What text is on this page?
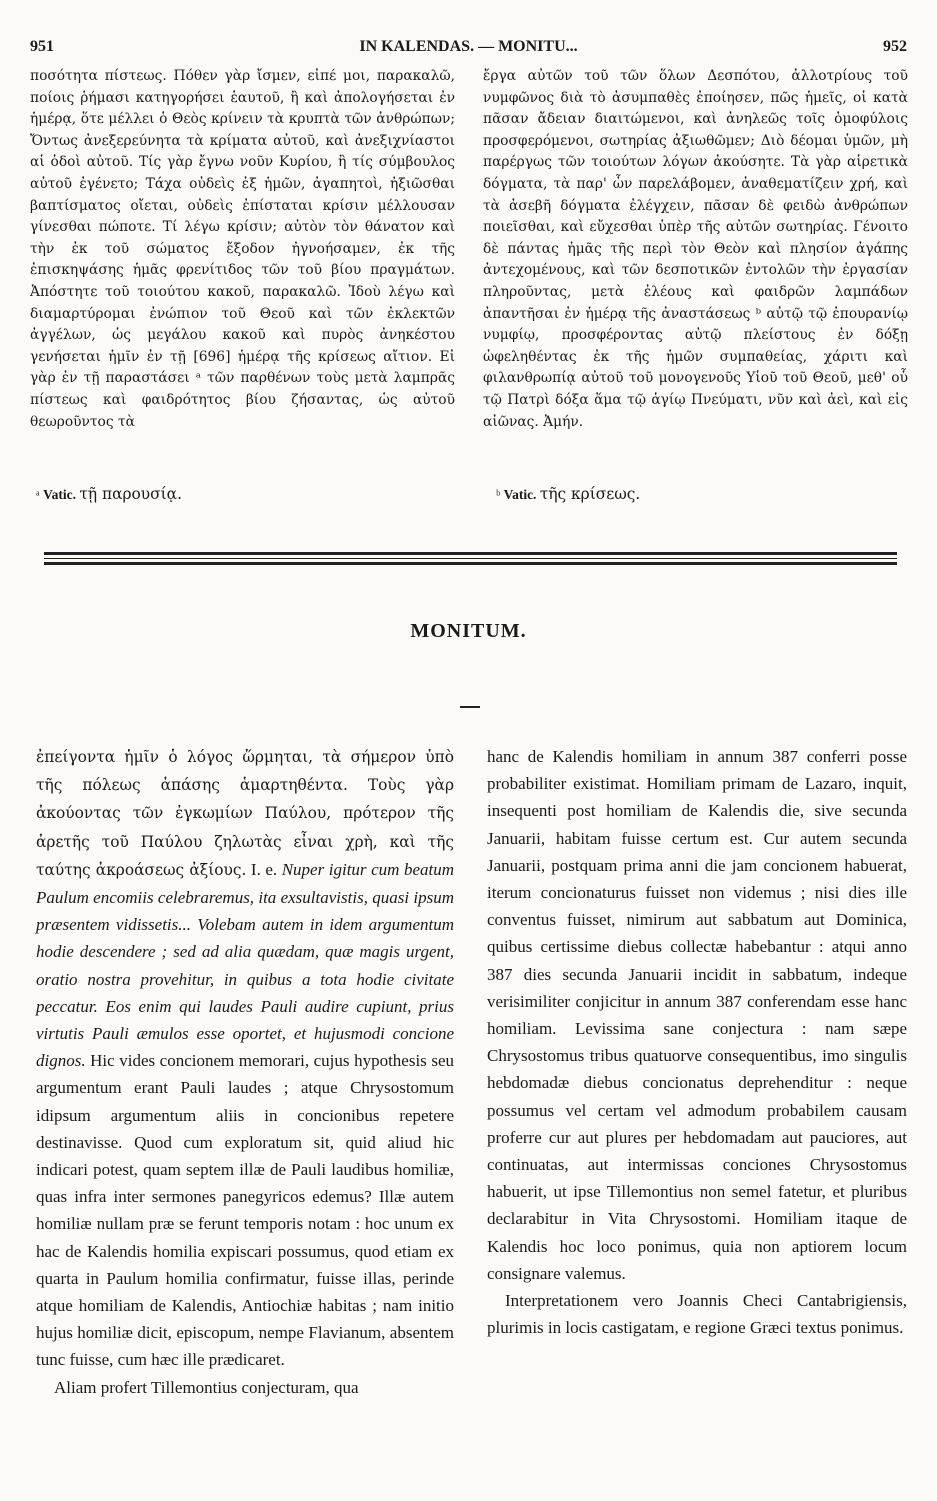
951	IN KALENDAS. — MONITU...	952

ποσότητα πίστεως. Πόθεν γὰρ ἴσμεν, εἰπέ μοι, παρακαλῶ, ποίοις ῥήμασι κατηγορήσει ἑαυτοῦ, ἢ καὶ ἀπολογήσεται ἐν ἡμέρᾳ, ὅτε μέλλει ὁ Θεὸς κρίνειν τὰ κρυπτὰ τῶν ἀνθρώπων; Ὄντως ἀνεξερεύνητα τὰ κρίματα αὐτοῦ, καὶ ἀνεξιχνίαστοι αἱ ὁδοὶ αὐτοῦ. Τίς γὰρ ἔγνω νοῦν Κυρίου, ἢ τίς σύμβουλος αὐτοῦ ἐγένετο; Τάχα οὐδεὶς ἐξ ἡμῶν, ἀγαπητοὶ, ἠξιῶσθαι βαπτίσματος οἴεται, οὐδεὶς ἐπίσταται κρίσιν μέλλουσαν γίνεσθαι πώποτε. Τί λέγω κρίσιν; αὐτὸν τὸν θάνατον καὶ τὴν ἐκ τοῦ σώματος ἔξοδον ἠγνοήσαμεν, ἐκ τῆς ἐπισκηψάσης ἡμᾶς φρενίτιδος τῶν τοῦ βίου πραγμάτων. Ἀπόστητε τοῦ τοιούτου κακοῦ, παρακαλῶ. Ἰδοὺ λέγω καὶ διαμαρτύρομαι ἐνώπιον τοῦ Θεοῦ καὶ τῶν ἐκλεκτῶν ἀγγέλων, ὡς μεγάλου κακοῦ καὶ πυρὸς ἀνηκέστου γενήσεται ἡμῖν ἐν τῇ [696] ἡμέρᾳ τῆς κρίσεως αἴτιον. Εἰ γὰρ ἐν τῇ παραστάσει ᵃ τῶν παρθένων τοὺς μετὰ λαμπρᾶς πίστεως καὶ φαιδρότητος βίου ζήσαντας, ὡς αὐτοῦ θεωροῦντος τὰ

ἔργα αὐτῶν τοῦ τῶν ὅλων Δεσπότου, ἀλλοτρίους τοῦ νυμφῶνος διὰ τὸ ἀσυμπαθὲς ἐποίησεν, πῶς ἡμεῖς, οἱ κατὰ πᾶσαν ἄδειαν διαιτώμενοι, καὶ ἀνηλεῶς τοῖς ὁμοφύλοις προσφερόμενοι, σωτηρίας ἀξιωθῶμεν; Διὸ δέομαι ὑμῶν, μὴ παρέργως τῶν τοιούτων λόγων ἀκούσητε. Τὰ γὰρ αἱρετικὰ δόγματα, τὰ παρ' ὧν παρελάβομεν, ἀναθεματίζειν χρή, καὶ τὰ ἀσεβῆ δόγματα ἐλέγχειν, πᾶσαν δὲ φειδὼ ἀνθρώπων ποιεῖσθαι, καὶ εὔχεσθαι ὑπὲρ τῆς αὐτῶν σωτηρίας. Γένοιτο δὲ πάντας ἡμᾶς τῆς περὶ τὸν Θεὸν καὶ πλησίον ἀγάπης ἀντεχομένους, καὶ τῶν δεσποτικῶν ἐντολῶν τὴν ἐργασίαν πληροῦντας, μετὰ ἐλέους καὶ φαιδρῶν λαμπάδων ἀπαντῆσαι ἐν ἡμέρᾳ τῆς ἀναστάσεως ᵇ αὐτῷ τῷ ἐπουρανίῳ νυμφίῳ, προσφέροντας αὐτῷ πλείστους ἐν δόξῃ ὠφεληθέντας ἐκ τῆς ἡμῶν συμπαθείας, χάριτι καὶ φιλανθρωπίᾳ αὐτοῦ τοῦ μονογενοῦς Υἱοῦ τοῦ Θεοῦ, μεθ' οὗ τῷ Πατρὶ δόξα ἅμα τῷ ἁγίῳ Πνεύματι, νῦν καὶ ἀεὶ, καὶ εἰς αἰῶνας. Ἀμήν.

ᵃ Vatic. τῇ παρουσίᾳ.	ᵇ Vatic. τῆς κρίσεως.
MONITUM.

ἐπείγοντα ἡμῖν ὁ λόγος ὥρμηται, τὰ σήμερον ὑπὸ τῆς πόλεως ἁπάσης ἁμαρτηθέντα. Τοὺς γὰρ ἀκούοντας τῶν ἐγκωμίων Παύλου, πρότερον τῆς ἀρετῆς τοῦ Παύλου ζηλωτὰς εἶναι χρὴ, καὶ τῆς ταύτης ἀκροάσεως ἀξίους. I. e. Nuper igitur cum beatum Paulum encomiis celebraremus, ita exsultavistis, quasi ipsum præsentem vidissetis... Volebam autem in idem argumentum hodie descendere ; sed ad alia quædam, quæ magis urgent, oratio nostra provehitur, in quibus a tota hodie civitate peccatur. Eos enim qui laudes Pauli audire cupiunt, prius virtutis Pauli æmulos esse oportet, et hujusmodi concione dignos. Hic vides concionem memorari, cujus hypothesis seu argumentum erant Pauli laudes ; atque Chrysostomum idipsum argumentum aliis in concionibus repetere destinavisse. Quod cum exploratum sit, quid aliud hic indicari potest, quam septem illæ de Pauli laudibus homiliæ, quas infra inter sermones panegyricos edemus? Illæ autem homiliæ nullam præ se ferunt temporis notam : hoc unum ex hac de Kalendis homilia expiscari possumus, quod etiam ex quarta in Paulum homilia confirmatur, fuisse illas, perinde atque homiliam de Kalendis, Antiochiæ habitas ; nam initio hujus homiliæ dicit, episcopum, nempe Flavianum, absentem tunc fuisse, cum hæc ille prædicaret.

Aliam profert Tillemontius conjecturam, qua

hanc de Kalendis homiliam in annum 387 conferri posse probabiliter existimat. Homiliam primam de Lazaro, inquit, insequenti post homiliam de Kalendis die, sive secunda Januarii, habitam fuisse certum est. Cur autem secunda Januarii, postquam prima anni die jam concionem habuerat, iterum concionaturus fuisset non videmus ; nisi dies ille conventus fuisset, nimirum aut sabbatum aut Dominica, quibus certissime diebus collectæ habebantur : atqui anno 387 dies secunda Januarii incidit in sabbatum, indeque verisimiliter conjicitur in annum 387 conferendam esse hanc homiliam. Levissima sane conjectura : nam sæpe Chrysostomus tribus quatuorve consequentibus, imo singulis hebdomadæ diebus concionatus deprehenditur : neque possumus vel certam vel admodum probabilem causam proferre cur aut plures per hebdomadam aut pauciores, aut continuatas, aut intermissas conciones Chrysostomus habuerit, ut ipse Tillemontius non semel fatetur, et pluribus declarabitur in Vita Chrysostomi. Homiliam itaque de Kalendis hoc loco ponimus, quia non aptiorem locum consignare valemus.

Interpretationem vero Joannis Checi Cantabrigiensis, plurimis in locis castigatam, e regione Græci textus ponimus.
